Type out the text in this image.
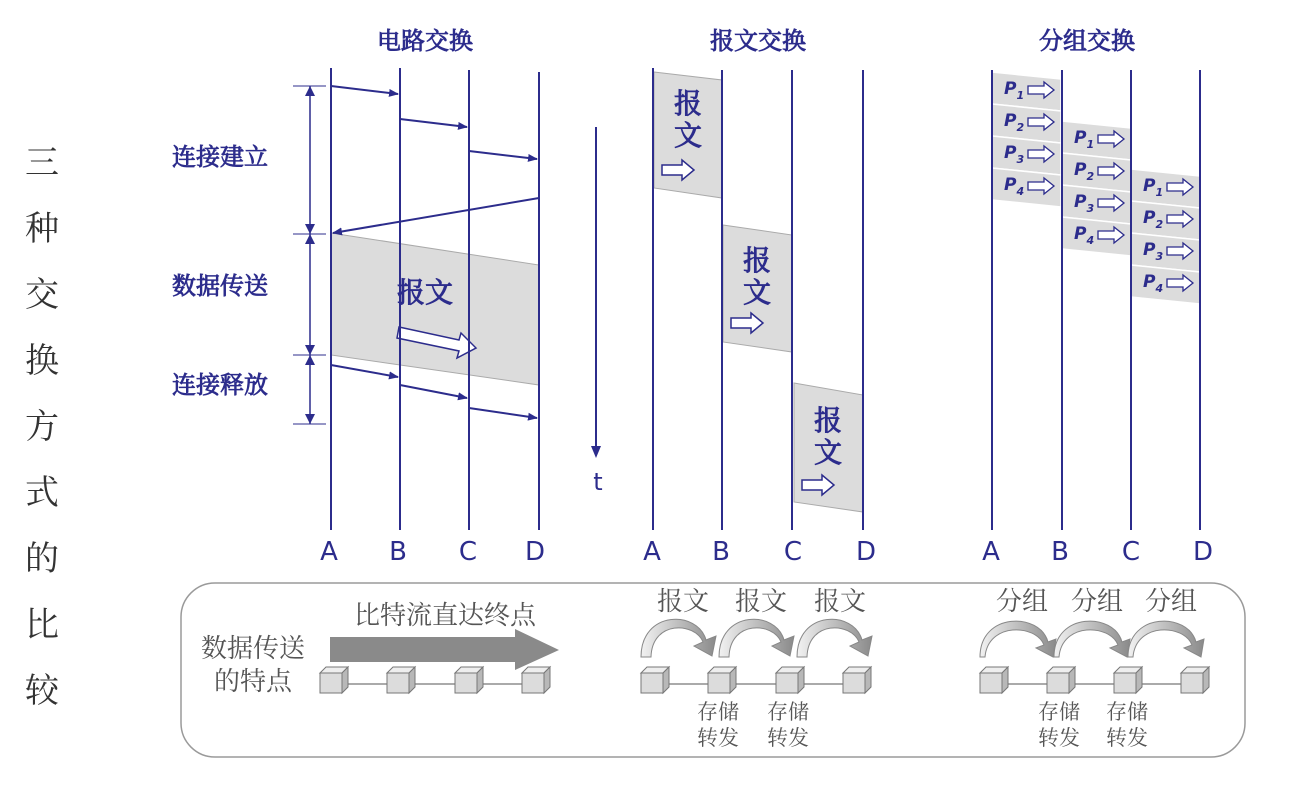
三
种
交
换
方
式
的
比
较
电路交换
报文
连接建立
数据传送
连接释放
A B C D
t
报文交换
报
文
报
文
报
文
A B C D
分组交换
$P_1$
$P_2$
$P_3$
$P_4$
$P_1$
$P_2$
$P_3$
$P_4$
$P_1$
$P_2$
$P_3$
$P_4$
A B C D
数据传送
的特点
比特流直达终点	报文 报文 报文
存储
转发
存储
转发
分组 分组 分组
存储
转发
存储
转发
